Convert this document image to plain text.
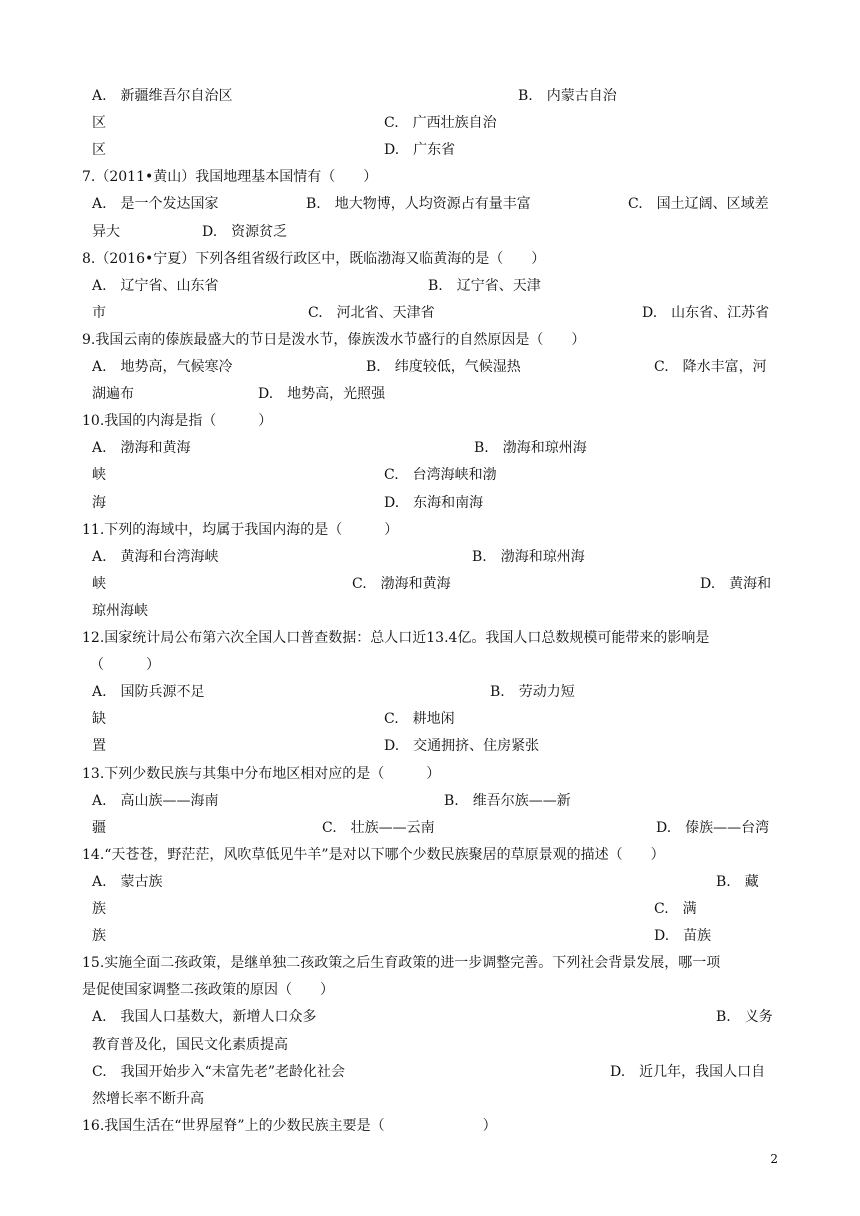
A.　新疆维吾尔自治区	B.　内蒙古自治
区	C.　广西壮族自治
区	D.　广东省
7.（2011•黄山）我国地理基本国情有（　　）
A.　是一个发达国家	B.　地大物博，人均资源占有量丰富	C.　国土辽阔、区域差
异大	D.　资源贫乏
8.（2016•宁夏）下列各组省级行政区中，既临渤海又临黄海的是（　　）
A.　辽宁省、山东省	B.　辽宁省、天津
市	C.　河北省、天津省	D.　山东省、江苏省
9.我国云南的傣族最盛大的节日是泼水节，傣族泼水节盛行的自然原因是（　　）
A.　地势高，气候寒冷	B.　纬度较低，气候湿热	C.　降水丰富，河
湖遍布	D.　地势高，光照强
10.我国的内海是指（　　　）
A.　渤海和黄海	B.　渤海和琼州海
峡	C.　台湾海峡和渤
海	D.　东海和南海
11.下列的海域中，均属于我国内海的是（　　　）
A.　黄海和台湾海峡	B.　渤海和琼州海
峡	C.　渤海和黄海	D.　黄海和
琼州海峡
12.国家统计局公布第六次全国人口普查数据：总人口近13.4亿。我国人口总数规模可能带来的影响是
（　　　）
A.　国防兵源不足	B.　劳动力短
缺	C.　耕地闲
置	D.　交通拥挤、住房紧张
13.下列少数民族与其集中分布地区相对应的是（　　　）
A.　高山族——海南	B.　维吾尔族——新
疆	C.　壮族——云南	D.　傣族——台湾
14.“天苍苍，野茫茫，风吹草低见牛羊”是对以下哪个少数民族聚居的草原景观的描述（　　）
A.　蒙古族	B.　藏
族	C.　满
族	D.　苗族
15.实施全面二孩政策，是继单独二孩政策之后生育政策的进一步调整完善。下列社会背景发展，哪一项
是促使国家调整二孩政策的原因（　　）
A.　我国人口基数大，新增人口众多	B.　义务
教育普及化，国民文化素质提高
C.　我国开始步入“未富先老”老龄化社会	D.　近几年，我国人口自
然增长率不断升高
16.我国生活在“世界屋脊”上的少数民族主要是（　　　　　　　）
2
